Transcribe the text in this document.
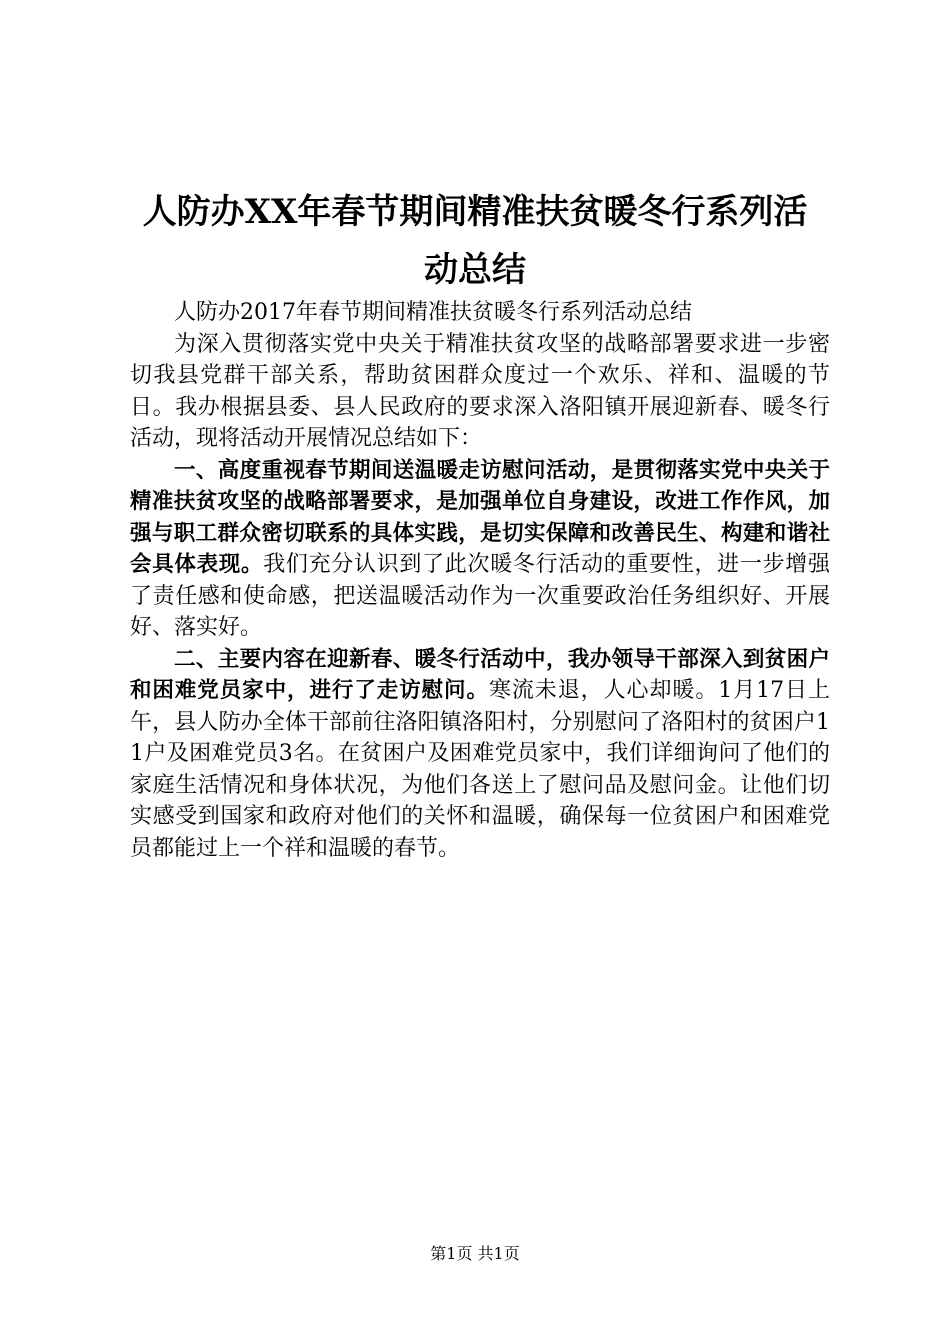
人防办XX年春节期间精准扶贫暖冬行系列活
动总结

人防办2017年春节期间精准扶贫暖冬行系列活动总结

为深入贯彻落实党中央关于精准扶贫攻坚的战略部署要求进一步密切我县党群干部关系，帮助贫困群众度过一个欢乐、祥和、温暖的节日。我办根据县委、县人民政府的要求深入洛阳镇开展迎新春、暖冬行活动，现将活动开展情况总结如下：

一、高度重视春节期间送温暖走访慰问活动，是贯彻落实党中央关于精准扶贫攻坚的战略部署要求，是加强单位自身建设，改进工作作风，加强与职工群众密切联系的具体实践，是切实保障和改善民生、构建和谐社会具体表现。我们充分认识到了此次暖冬行活动的重要性，进一步增强了责任感和使命感，把送温暖活动作为一次重要政治任务组织好、开展好、落实好。

二、主要内容在迎新春、暖冬行活动中，我办领导干部深入到贫困户和困难党员家中，进行了走访慰问。寒流未退，人心却暖。1月17日上午，县人防办全体干部前往洛阳镇洛阳村，分别慰问了洛阳村的贫困户11户及困难党员3名。在贫困户及困难党员家中，我们详细询问了他们的家庭生活情况和身体状况，为他们各送上了慰问品及慰问金。让他们切实感受到国家和政府对他们的关怀和温暖，确保每一位贫困户和困难党员都能过上一个祥和温暖的春节。

第1页 共1页
